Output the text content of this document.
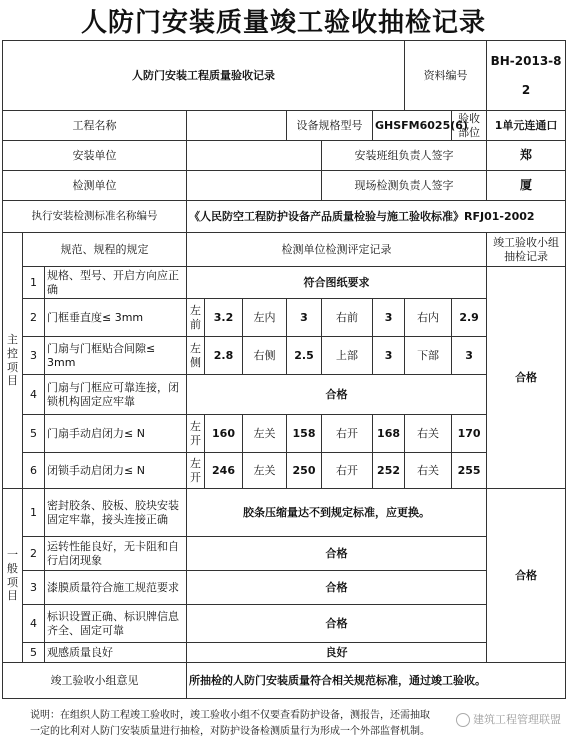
人防门安装质量竣工验收抽检记录
人防门安装工程质量验收记录									资料编号		BH-2013-8
2

工程名称						设备规格型号		GHSFM6025(6)		验收部位	1单元连通口
安装单位							安装班组负责人签字				郑
检测单位							现场检测负责人签字				厦
执行安装检测标准名称编号			《人民防空工程防护设备产品质量检验与施工验收标准》RFJ01-2002								

主控项目	规范、规程的规定		检测单位检测评定记录								竣工验收小组抽检记录
	1	规格、型号、开启方向应正确	符合图纸要求								合格
	2	门框垂直度≤ 3mm	左前	3.2	左内	3	右前	3	右内	2.9	
	3	门扇与门框贴合间隙≤ 3mm	左侧	2.8	右侧	2.5	上部	3	下部	3	
	4	门扇与门框应可靠连接，闭锁机构固定应牢靠	合格								
	5	门扇手动启闭力≤ N	左开	160	左关	158	右开	168	右关	170	
	6	闭锁手动启闭力≤ N	左开	246	左关	250	右开	252	右关	255	

一般项目	1	密封胶条、胶板、胶块安装固定牢靠，接头连接正确	胶条压缩量达不到规定标准，应更换。								合格
	2	运转性能良好，无卡阻和自行启闭现象	合格								
	3	漆膜质量符合施工规范要求	合格								
	4	标识设置正确、标识牌信息齐全、固定可靠	合格								
	5	观感质量良好	良好								
竣工验收小组意见			所抽检的人防门安装质量符合相关规范标准，通过竣工验收。								
说明：在组织人防工程竣工验收时，竣工验收小组不仅要查看防护设备，测报告，还需抽取
一定的比利对人防门安装质量进行抽检，对防护设备检测质量行为形成一个外部监督机制。
建筑工程管理联盟
